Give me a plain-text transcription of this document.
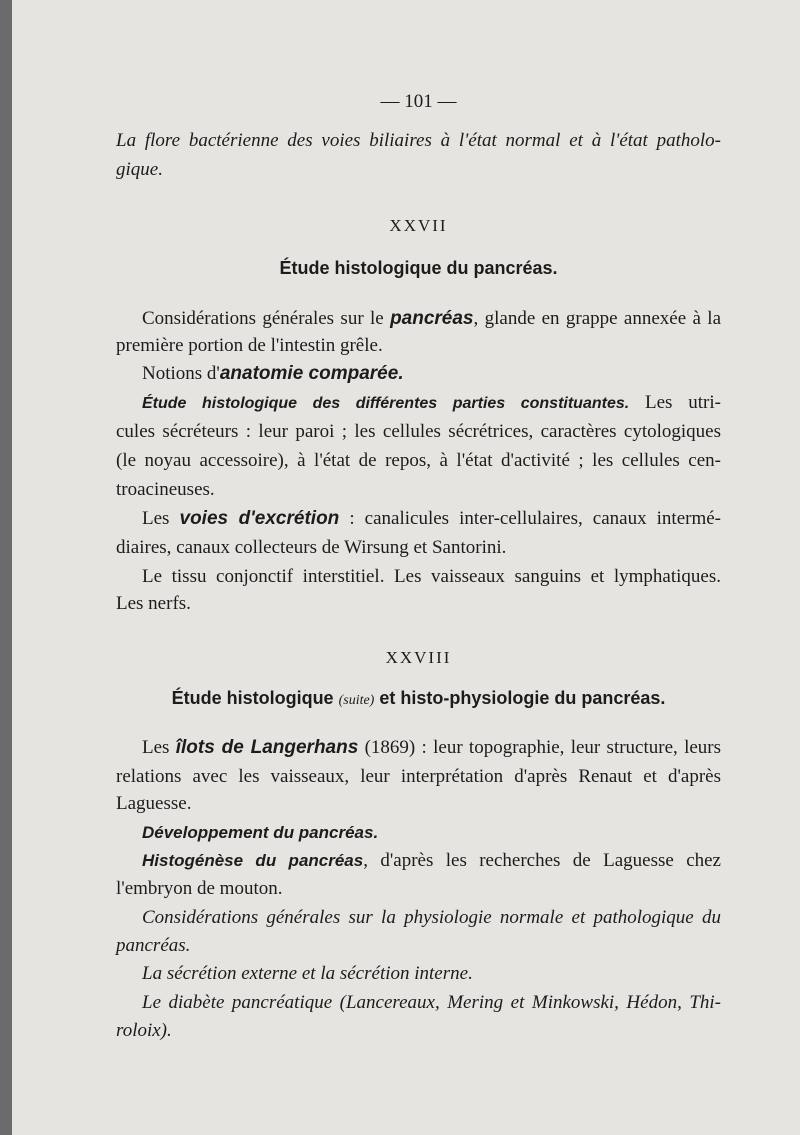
— 101 —
La flore bactérienne des voies biliaires à l'état normal et à l'état patholo-
gique.
XXVII
Étude histologique du pancréas.
Considérations générales sur le pancréas, glande en grappe annexée à la
première portion de l'intestin grêle.
Notions d'anatomie comparée.
Étude histologique des différentes parties constituantes. Les utri-
cules sécréteurs : leur paroi ; les cellules sécrétrices, caractères cytologiques
(le noyau accessoire), à l'état de repos, à l'état d'activité ; les cellules cen-
troacineuses.
Les voies d'excrétion : canalicules inter-cellulaires, canaux intermé-
diaires, canaux collecteurs de Wirsung et Santorini.
Le tissu conjonctif interstitiel. Les vaisseaux sanguins et lymphatiques.
Les nerfs.
XXVIII
Étude histologique (suite) et histo-physiologie du pancréas.
Les îlots de Langerhans (1869) : leur topographie, leur structure, leurs
relations avec les vaisseaux, leur interprétation d'après Renaut et d'après
Laguesse.
Développement du pancréas.
Histogénèse du pancréas, d'après les recherches de Laguesse chez
l'embryon de mouton.
Considérations générales sur la physiologie normale et pathologique du
pancréas.
La sécrétion externe et la sécrétion interne.
Le diabète pancréatique (Lancereaux, Mering et Minkowski, Hédon, Thi-
roloix).
